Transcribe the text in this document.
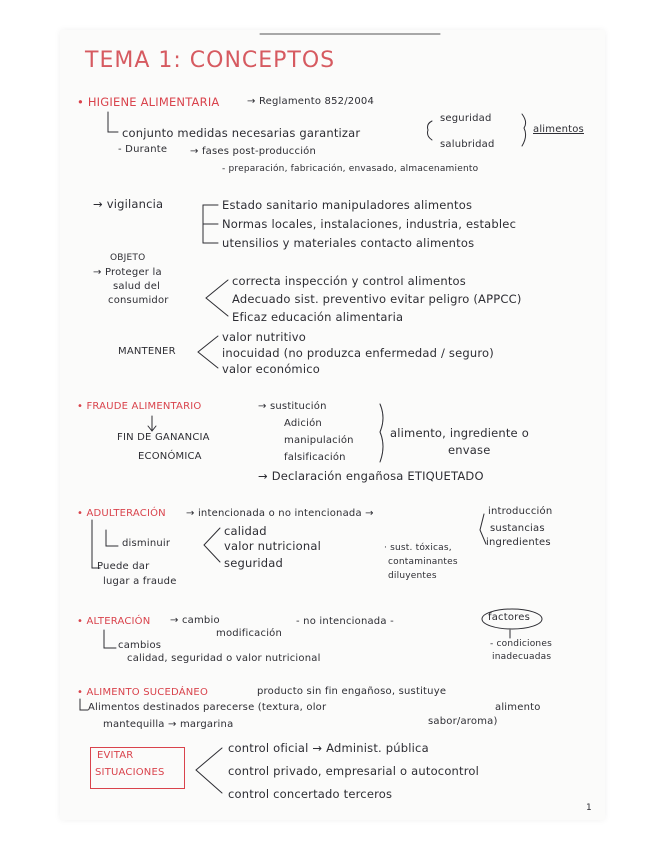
TEMA 1: CONCEPTOS
• HIGIENE ALIMENTARIA	→ Reglamento 852/2004
conjunto medidas necesarias garantizar
seguridad
salubridad
alimentos
- Durante → fases post-producción
- preparación, fabricación, envasado, almacenamiento
→ vigilancia	Estado sanitario manipuladores alimentos
Normas locales, instalaciones, industria, establec
utensilios y materiales contacto alimentos
OBJETO
→ Proteger la
salud del
consumidor
correcta inspección y control alimentos
Adecuado sist. preventivo evitar peligro (APPCC)
Eficaz educación alimentaria
MANTENER
valor nutritivo
inocuidad (no produzca enfermedad / seguro)
valor económico
• FRAUDE ALIMENTARIO	→ sustitución
Adición
manipulación
falsificación
→ Declaración engañosa ETIQUETADO
alimento, ingrediente o
envase
FIN DE GANANCIA
ECONÓMICA
• ADULTERACIÓN → intencionada o no intencionada →	introducción
sustancias
ingredientes
disminuir
calidad
valor nutricional
seguridad
· sust. tóxicas,
contaminantes
diluyentes
Puede dar
lugar a fraude
• ALTERACIÓN → cambio
modificación
- no intencionada -	factores
cambios
calidad, seguridad o valor nutricional
- condiciones
inadecuadas
• ALIMENTO SUCEDÁNEO	producto sin fin engañoso, sustituye
alimento
Alimentos destinados parecerse (textura, olor
sabor/aroma)
mantequilla → margarina
EVITAR
SITUACIONES
control oficial → Administ. pública
control privado, empresarial o autocontrol
control concertado terceros
1
